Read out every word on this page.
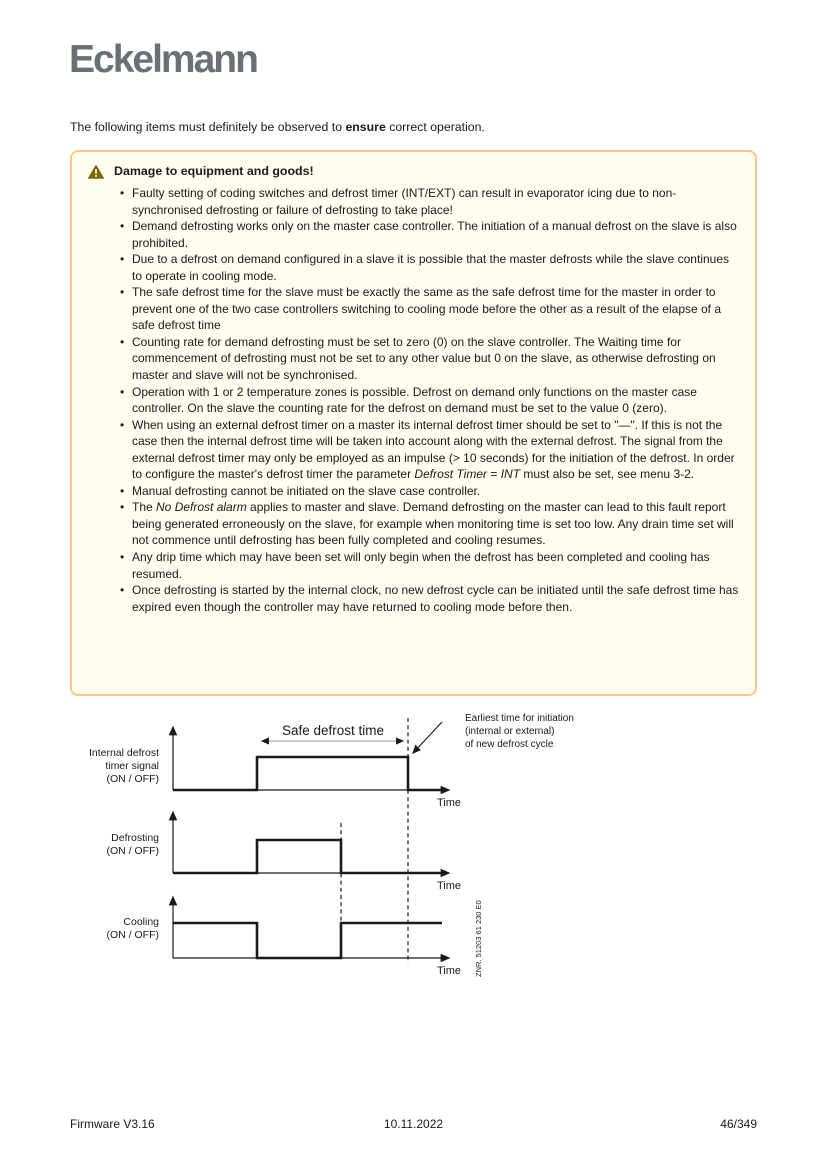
Eckelmann
The following items must definitely be observed to ensure correct operation.
Damage to equipment and goods!
• Faulty setting of coding switches and defrost timer (INT/EXT) can result in evaporator icing due to non-synchronised defrosting or failure of defrosting to take place!
• Demand defrosting works only on the master case controller. The initiation of a manual defrost on the slave is also prohibited.
• Due to a defrost on demand configured in a slave it is possible that the master defrosts while the slave continues to operate in cooling mode.
• The safe defrost time for the slave must be exactly the same as the safe defrost time for the master in order to prevent one of the two case controllers switching to cooling mode before the other as a result of the elapse of a safe defrost time
• Counting rate for demand defrosting must be set to zero (0) on the slave controller. The Waiting time for commencement of defrosting must not be set to any other value but 0 on the slave, as otherwise defrosting on master and slave will not be synchronised.
• Operation with 1 or 2 temperature zones is possible. Defrost on demand only functions on the master case controller. On the slave the counting rate for the defrost on demand must be set to the value 0 (zero).
• When using an external defrost timer on a master its internal defrost timer should be set to "—". If this is not the case then the internal defrost time will be taken into account along with the external defrost. The signal from the external defrost timer may only be employed as an impulse (> 10 seconds) for the initiation of the defrost. In order to configure the master's defrost timer the parameter Defrost Timer = INT must also be set, see menu 3-2.
• Manual defrosting cannot be initiated on the slave case controller.
• The No Defrost alarm applies to master and slave. Demand defrosting on the master can lead to this fault report being generated erroneously on the slave, for example when monitoring time is set too low. Any drain time set will not commence until defrosting has been fully completed and cooling resumes.
• Any drip time which may have been set will only begin when the defrost has been completed and cooling has resumed.
• Once defrosting is started by the internal clock, no new defrost cycle can be initiated until the safe defrost time has expired even though the controller may have returned to cooling mode before then.
Internal defrost
timer signal
(ON / OFF)
Defrosting
(ON / OFF)
Cooling
(ON / OFF)
Time
Safe defrost time
Earliest time for initiation
(internal or external)
of new defrost cycle
Time
Time ZNR. 51203 61 230 E0
Firmware V3.16	10.11.2022	46/349
